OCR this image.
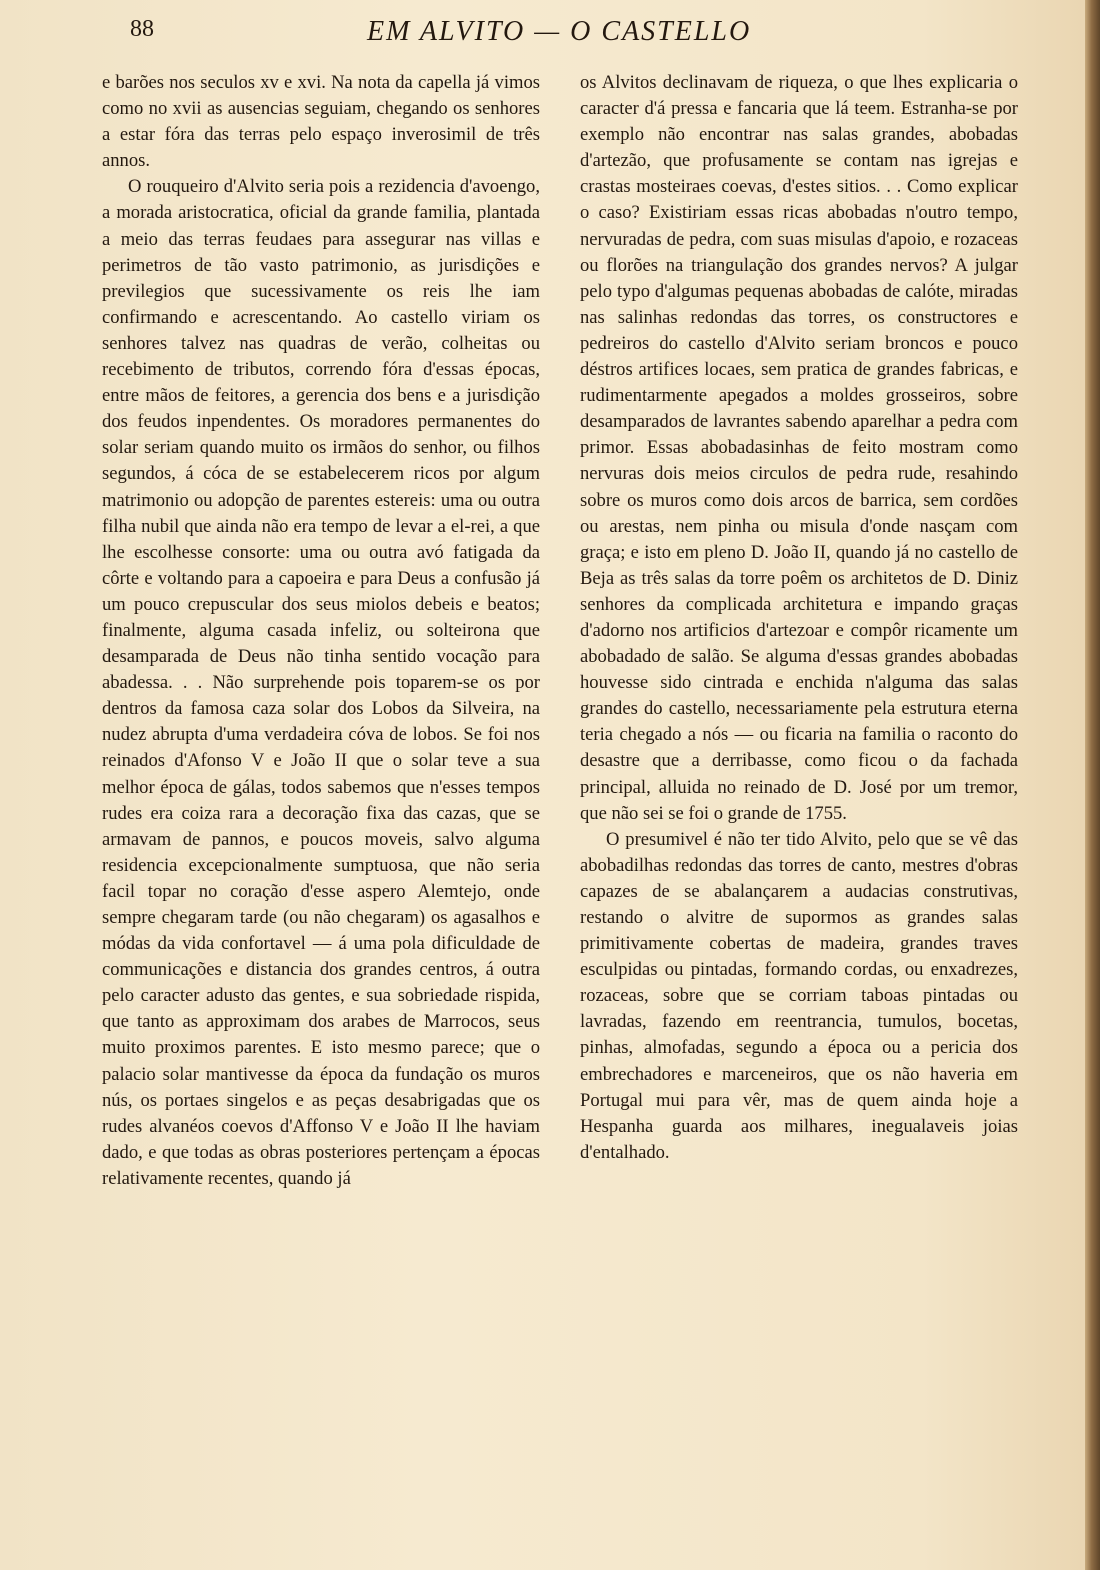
88	EM ALVITO — O CASTELLO

e barões nos seculos xv e xvi. Na nota da capella já vimos como no xvii as ausencias seguiam, chegando os senhores a estar fóra das terras pelo espaço inverosimil de três annos.

O rouqueiro d'Alvito seria pois a rezidencia d'avoengo, a morada aristocratica, oficial da grande familia, plantada a meio das terras feudaes para assegurar nas villas e perimetros de tão vasto patrimonio, as jurisdições e previlegios que sucessivamente os reis lhe iam confirmando e acrescentando. Ao castello viriam os senhores talvez nas quadras de verão, colheitas ou recebimento de tributos, correndo fóra d'essas épocas, entre mãos de feitores, a gerencia dos bens e a jurisdição dos feudos inpendentes. Os moradores permanentes do solar seriam quando muito os irmãos do senhor, ou filhos segundos, á cóca de se estabelecerem ricos por algum matrimonio ou adopção de parentes estereis: uma ou outra filha nubil que ainda não era tempo de levar a el-rei, a que lhe escolhesse consorte: uma ou outra avó fatigada da côrte e voltando para a capoeira e para Deus a confusão já um pouco crepuscular dos seus miolos debeis e beatos; finalmente, alguma casada infeliz, ou solteirona que desamparada de Deus não tinha sentido vocação para abadessa. . . Não surprehende pois toparem-se os por dentros da famosa caza solar dos Lobos da Silveira, na nudez abrupta d'uma verdadeira cóva de lobos. Se foi nos reinados d'Afonso V e João II que o solar teve a sua melhor época de gálas, todos sabemos que n'esses tempos rudes era coiza rara a decoração fixa das cazas, que se armavam de pannos, e poucos moveis, salvo alguma residencia excepcionalmente sumptuosa, que não seria facil topar no coração d'esse aspero Alemtejo, onde sempre chegaram tarde (ou não chegaram) os agasalhos e módas da vida confortavel — á uma pola dificuldade de communicações e distancia dos grandes centros, á outra pelo caracter adusto das gentes, e sua sobriedade rispida, que tanto as approximam dos arabes de Marrocos, seus muito proximos parentes. E isto mesmo parece; que o palacio solar mantivesse da época da fundação os muros nús, os portaes singelos e as peças desabrigadas que os rudes alvanéos coevos d'Affonso V e João II lhe haviam dado, e que todas as obras posteriores pertençam a épocas relativamente recentes, quando já

os Alvitos declinavam de riqueza, o que lhes explicaria o caracter d'á pressa e fancaria que lá teem. Estranha-se por exemplo não encontrar nas salas grandes, abobadas d'artezão, que profusamente se contam nas igrejas e crastas mosteiraes coevas, d'estes sitios. . . Como explicar o caso? Existiriam essas ricas abobadas n'outro tempo, nervuradas de pedra, com suas misulas d'apoio, e rozaceas ou florões na triangulação dos grandes nervos? A julgar pelo typo d'algumas pequenas abobadas de calóte, miradas nas salinhas redondas das torres, os constructores e pedreiros do castello d'Alvito seriam broncos e pouco déstros artifices locaes, sem pratica de grandes fabricas, e rudimentarmente apegados a moldes grosseiros, sobre desamparados de lavrantes sabendo aparelhar a pedra com primor. Essas abobadasinhas de feito mostram como nervuras dois meios circulos de pedra rude, resahindo sobre os muros como dois arcos de barrica, sem cordões ou arestas, nem pinha ou misula d'onde nasçam com graça; e isto em pleno D. João II, quando já no castello de Beja as três salas da torre poêm os architetos de D. Diniz senhores da complicada architetura e impando graças d'adorno nos artificios d'artezoar e compôr ricamente um abobadado de salão. Se alguma d'essas grandes abobadas houvesse sido cintrada e enchida n'alguma das salas grandes do castello, necessariamente pela estrutura eterna teria chegado a nós — ou ficaria na familia o raconto do desastre que a derribasse, como ficou o da fachada principal, alluida no reinado de D. José por um tremor, que não sei se foi o grande de 1755.

O presumivel é não ter tido Alvito, pelo que se vê das abobadilhas redondas das torres de canto, mestres d'obras capazes de se abalançarem a audacias construtivas, restando o alvitre de supormos as grandes salas primitivamente cobertas de madeira, grandes traves esculpidas ou pintadas, formando cordas, ou enxadrezes, rozaceas, sobre que se corriam taboas pintadas ou lavradas, fazendo em reentrancia, tumulos, bocetas, pinhas, almofadas, segundo a época ou a pericia dos embrechadores e marceneiros, que os não haveria em Portugal mui para vêr, mas de quem ainda hoje a Hespanha guarda aos milhares, inegualaveis joias d'entalhado.
